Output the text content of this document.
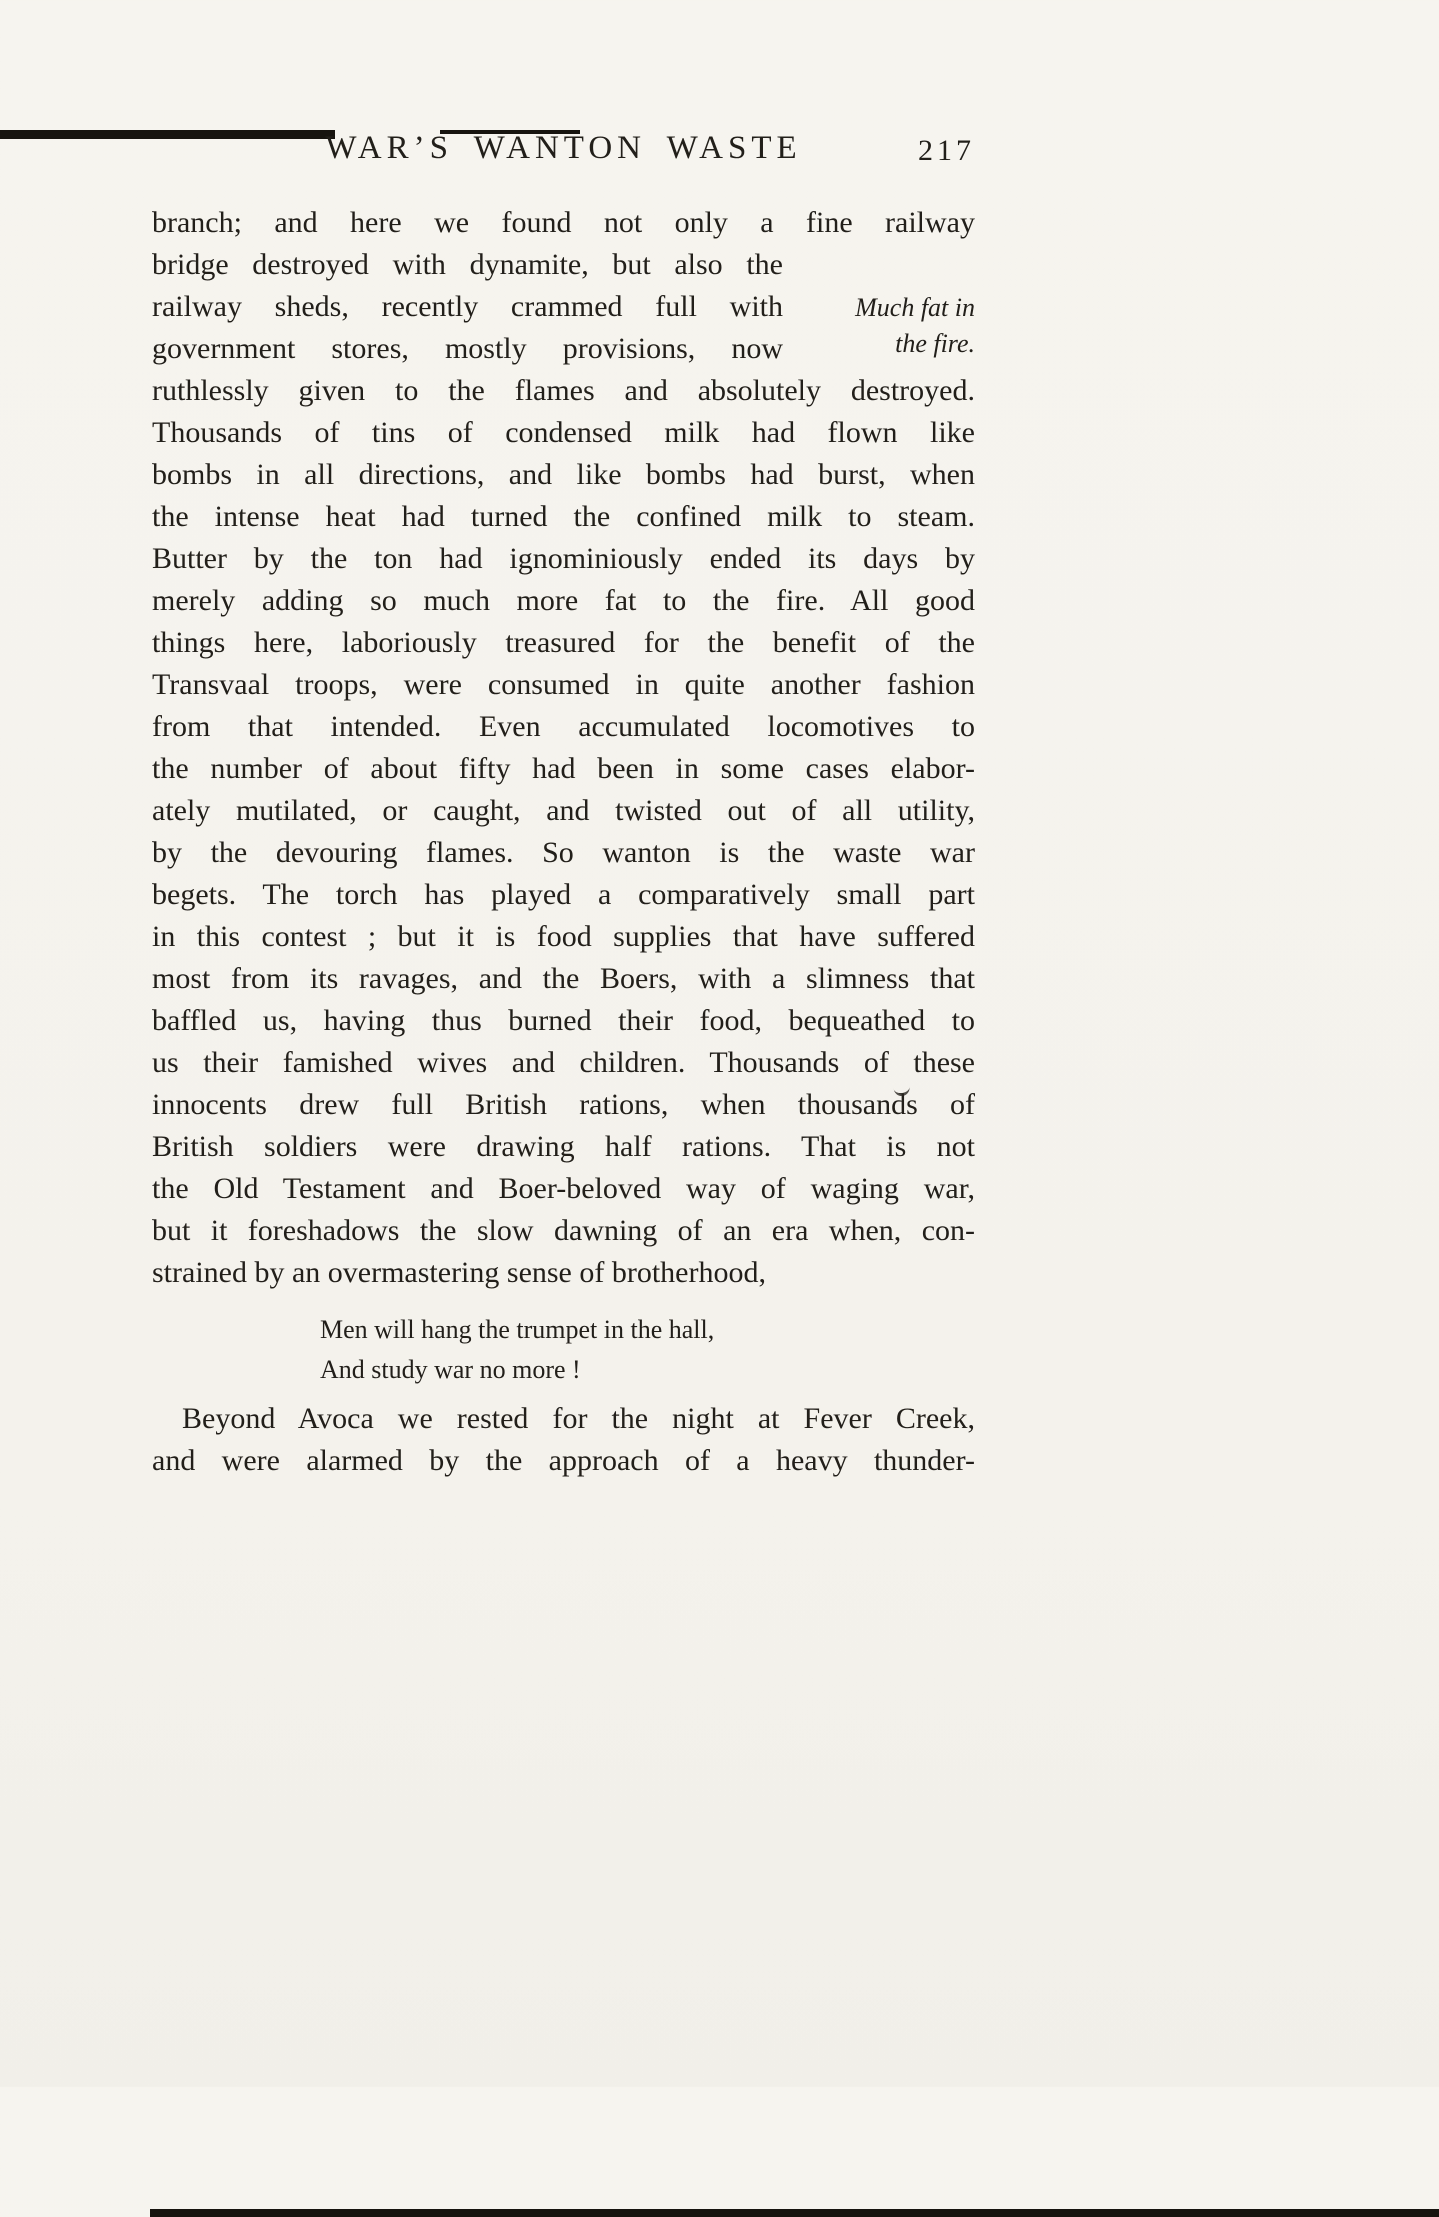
WAR’S WANTON WASTE	217
Much fat in
the fire.
branch; and here we found not only a fine railway
bridge destroyed with dynamite, but also the
railway sheds, recently crammed full with
government stores, mostly provisions, now
ruthlessly given to the flames and absolutely destroyed.
Thousands of tins of condensed milk had flown like
bombs in all directions, and like bombs had burst, when
the intense heat had turned the confined milk to steam.
Butter by the ton had ignominiously ended its days by
merely adding so much more fat to the fire. All good
things here, laboriously treasured for the benefit of the
Transvaal troops, were consumed in quite another fashion
from that intended. Even accumulated locomotives to
the number of about fifty had been in some cases elabor-
ately mutilated, or caught, and twisted out of all utility,
by the devouring flames. So wanton is the waste war
begets. The torch has played a comparatively small part
in this contest ; but it is food supplies that have suffered
most from its ravages, and the Boers, with a slimness that
baffled us, having thus burned their food, bequeathed to
us their famished wives and children. Thousands of these
innocents drew full British rations, when thousands of
British soldiers were drawing half rations. That is not
the Old Testament and Boer-beloved way of waging war,
but it foreshadows the slow dawning of an era when, con-
strained by an overmastering sense of brotherhood,
Men will hang the trumpet in the hall,
And study war no more !
Beyond Avoca we rested for the night at Fever Creek,
and were alarmed by the approach of a heavy thunder-
